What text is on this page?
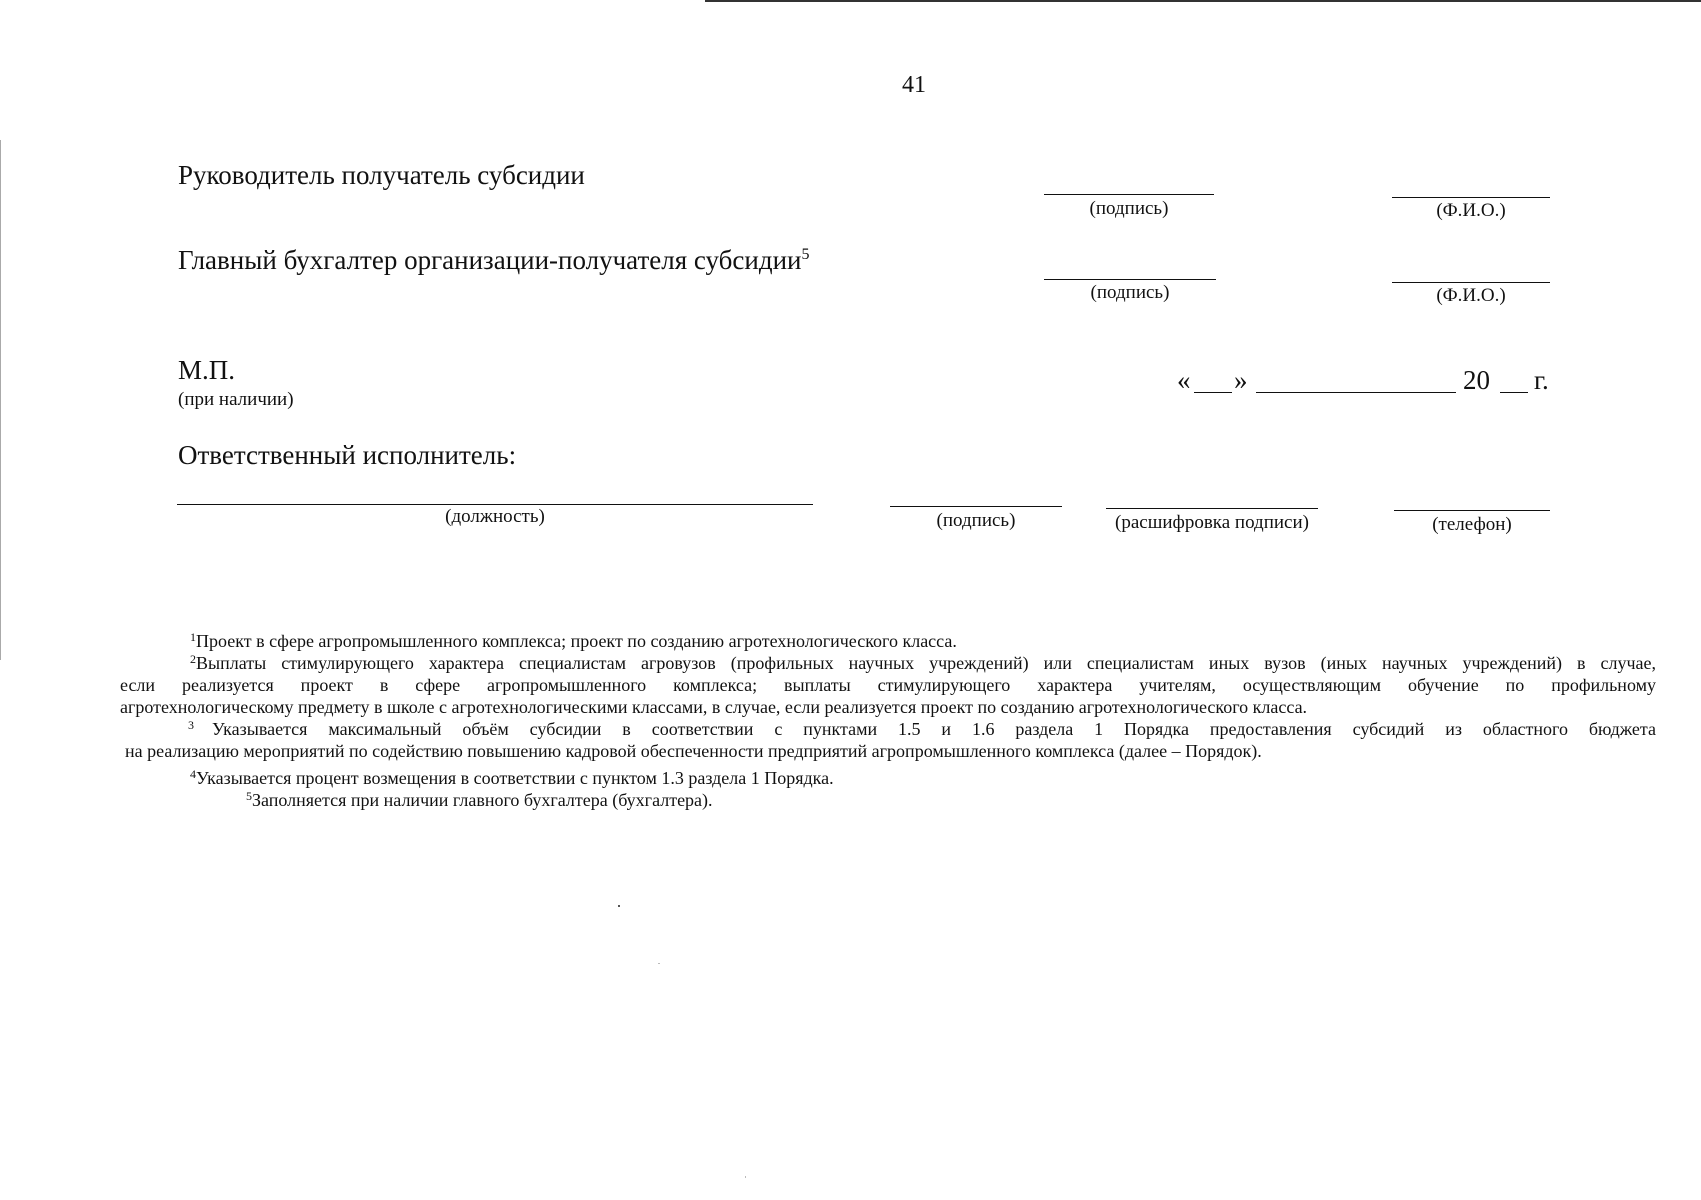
41
Руководитель получатель субсидии
(подпись)	(Ф.И.О.)
Главный бухгалтер организации-получателя субсидии$^5$
(подпись)	(Ф.И.О.)
М.П.
(при наличии)
« »	20 г.
Ответственный исполнитель:
(должность)	(подпись)	(расшифровка подписи)	(телефон)
$^1$Проект в сфере агропромышленного комплекса; проект по созданию агротехнологического класса.
$^2$Выплаты стимулирующего характера специалистам агровузов (профильных научных учреждений) или специалистам иных вузов (иных научных учреждений) в случае,
если реализуется проект в сфере агропромышленного комплекса; выплаты стимулирующего характера учителям, осуществляющим обучение по профильному
агротехнологическому предмету в школе с агротехнологическими классами, в случае, если реализуется проект по созданию агротехнологического класса.
$^3$ Указывается максимальный объём субсидии в соответствии с пунктами 1.5 и 1.6 раздела 1 Порядка предоставления субсидий из областного бюджета
на реализацию мероприятий по содействию повышению кадровой обеспеченности предприятий агропромышленного комплекса (далее – Порядок).
$^4$Указывается процент возмещения в соответствии с пунктом 1.3 раздела 1 Порядка.
$^5$Заполняется при наличии главного бухгалтера (бухгалтера).
